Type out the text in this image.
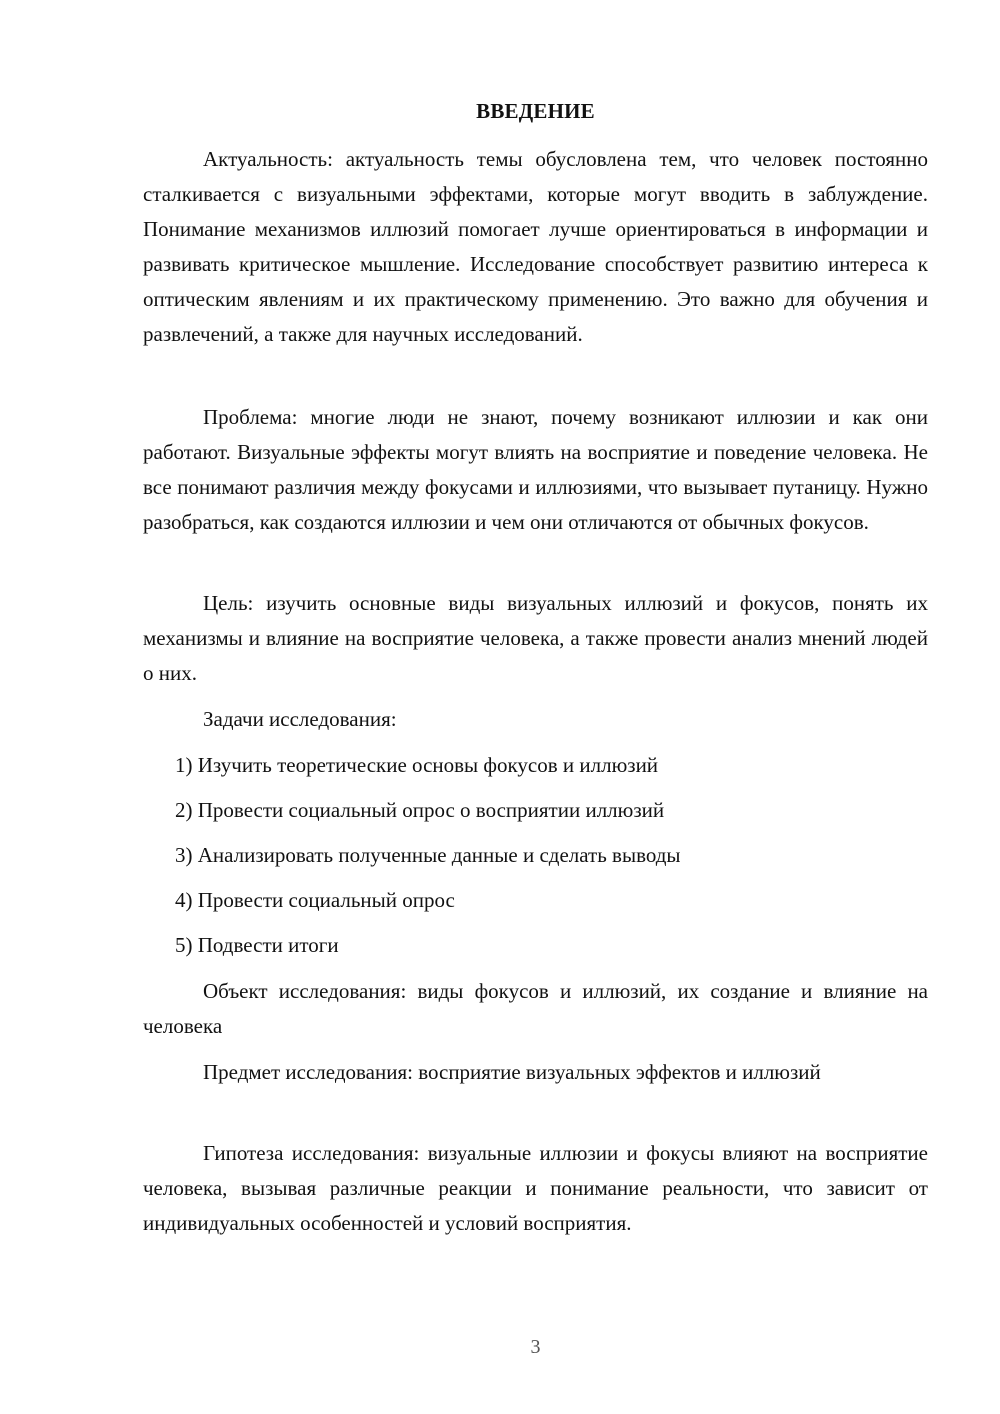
ВВЕДЕНИЕ

Актуальность: актуальность темы обусловлена тем, что человек постоянно сталкивается с визуальными эффектами, которые могут вводить в заблуждение. Понимание механизмов иллюзий помогает лучше ориентироваться в информации и развивать критическое мышление. Исследование способствует развитию интереса к оптическим явлениям и их практическому применению. Это важно для обучения и развлечений, а также для научных исследований.

Проблема: многие люди не знают, почему возникают иллюзии и как они работают. Визуальные эффекты могут влиять на восприятие и поведение человека. Не все понимают различия между фокусами и иллюзиями, что вызывает путаницу. Нужно разобраться, как создаются иллюзии и чем они отличаются от обычных фокусов.

Цель: изучить основные виды визуальных иллюзий и фокусов, понять их механизмы и влияние на восприятие человека, а также провести анализ мнений людей о них.

Задачи исследования:

1) Изучить теоретические основы фокусов и иллюзий
2) Провести социальный опрос о восприятии иллюзий
3) Анализировать полученные данные и сделать выводы
4) Провести социальный опрос
5) Подвести итоги

Объект исследования: виды фокусов и иллюзий, их создание и влияние на человека

Предмет исследования: восприятие визуальных эффектов и иллюзий

Гипотеза исследования: визуальные иллюзии и фокусы влияют на восприятие человека, вызывая различные реакции и понимание реальности, что зависит от индивидуальных особенностей и условий восприятия.

3
